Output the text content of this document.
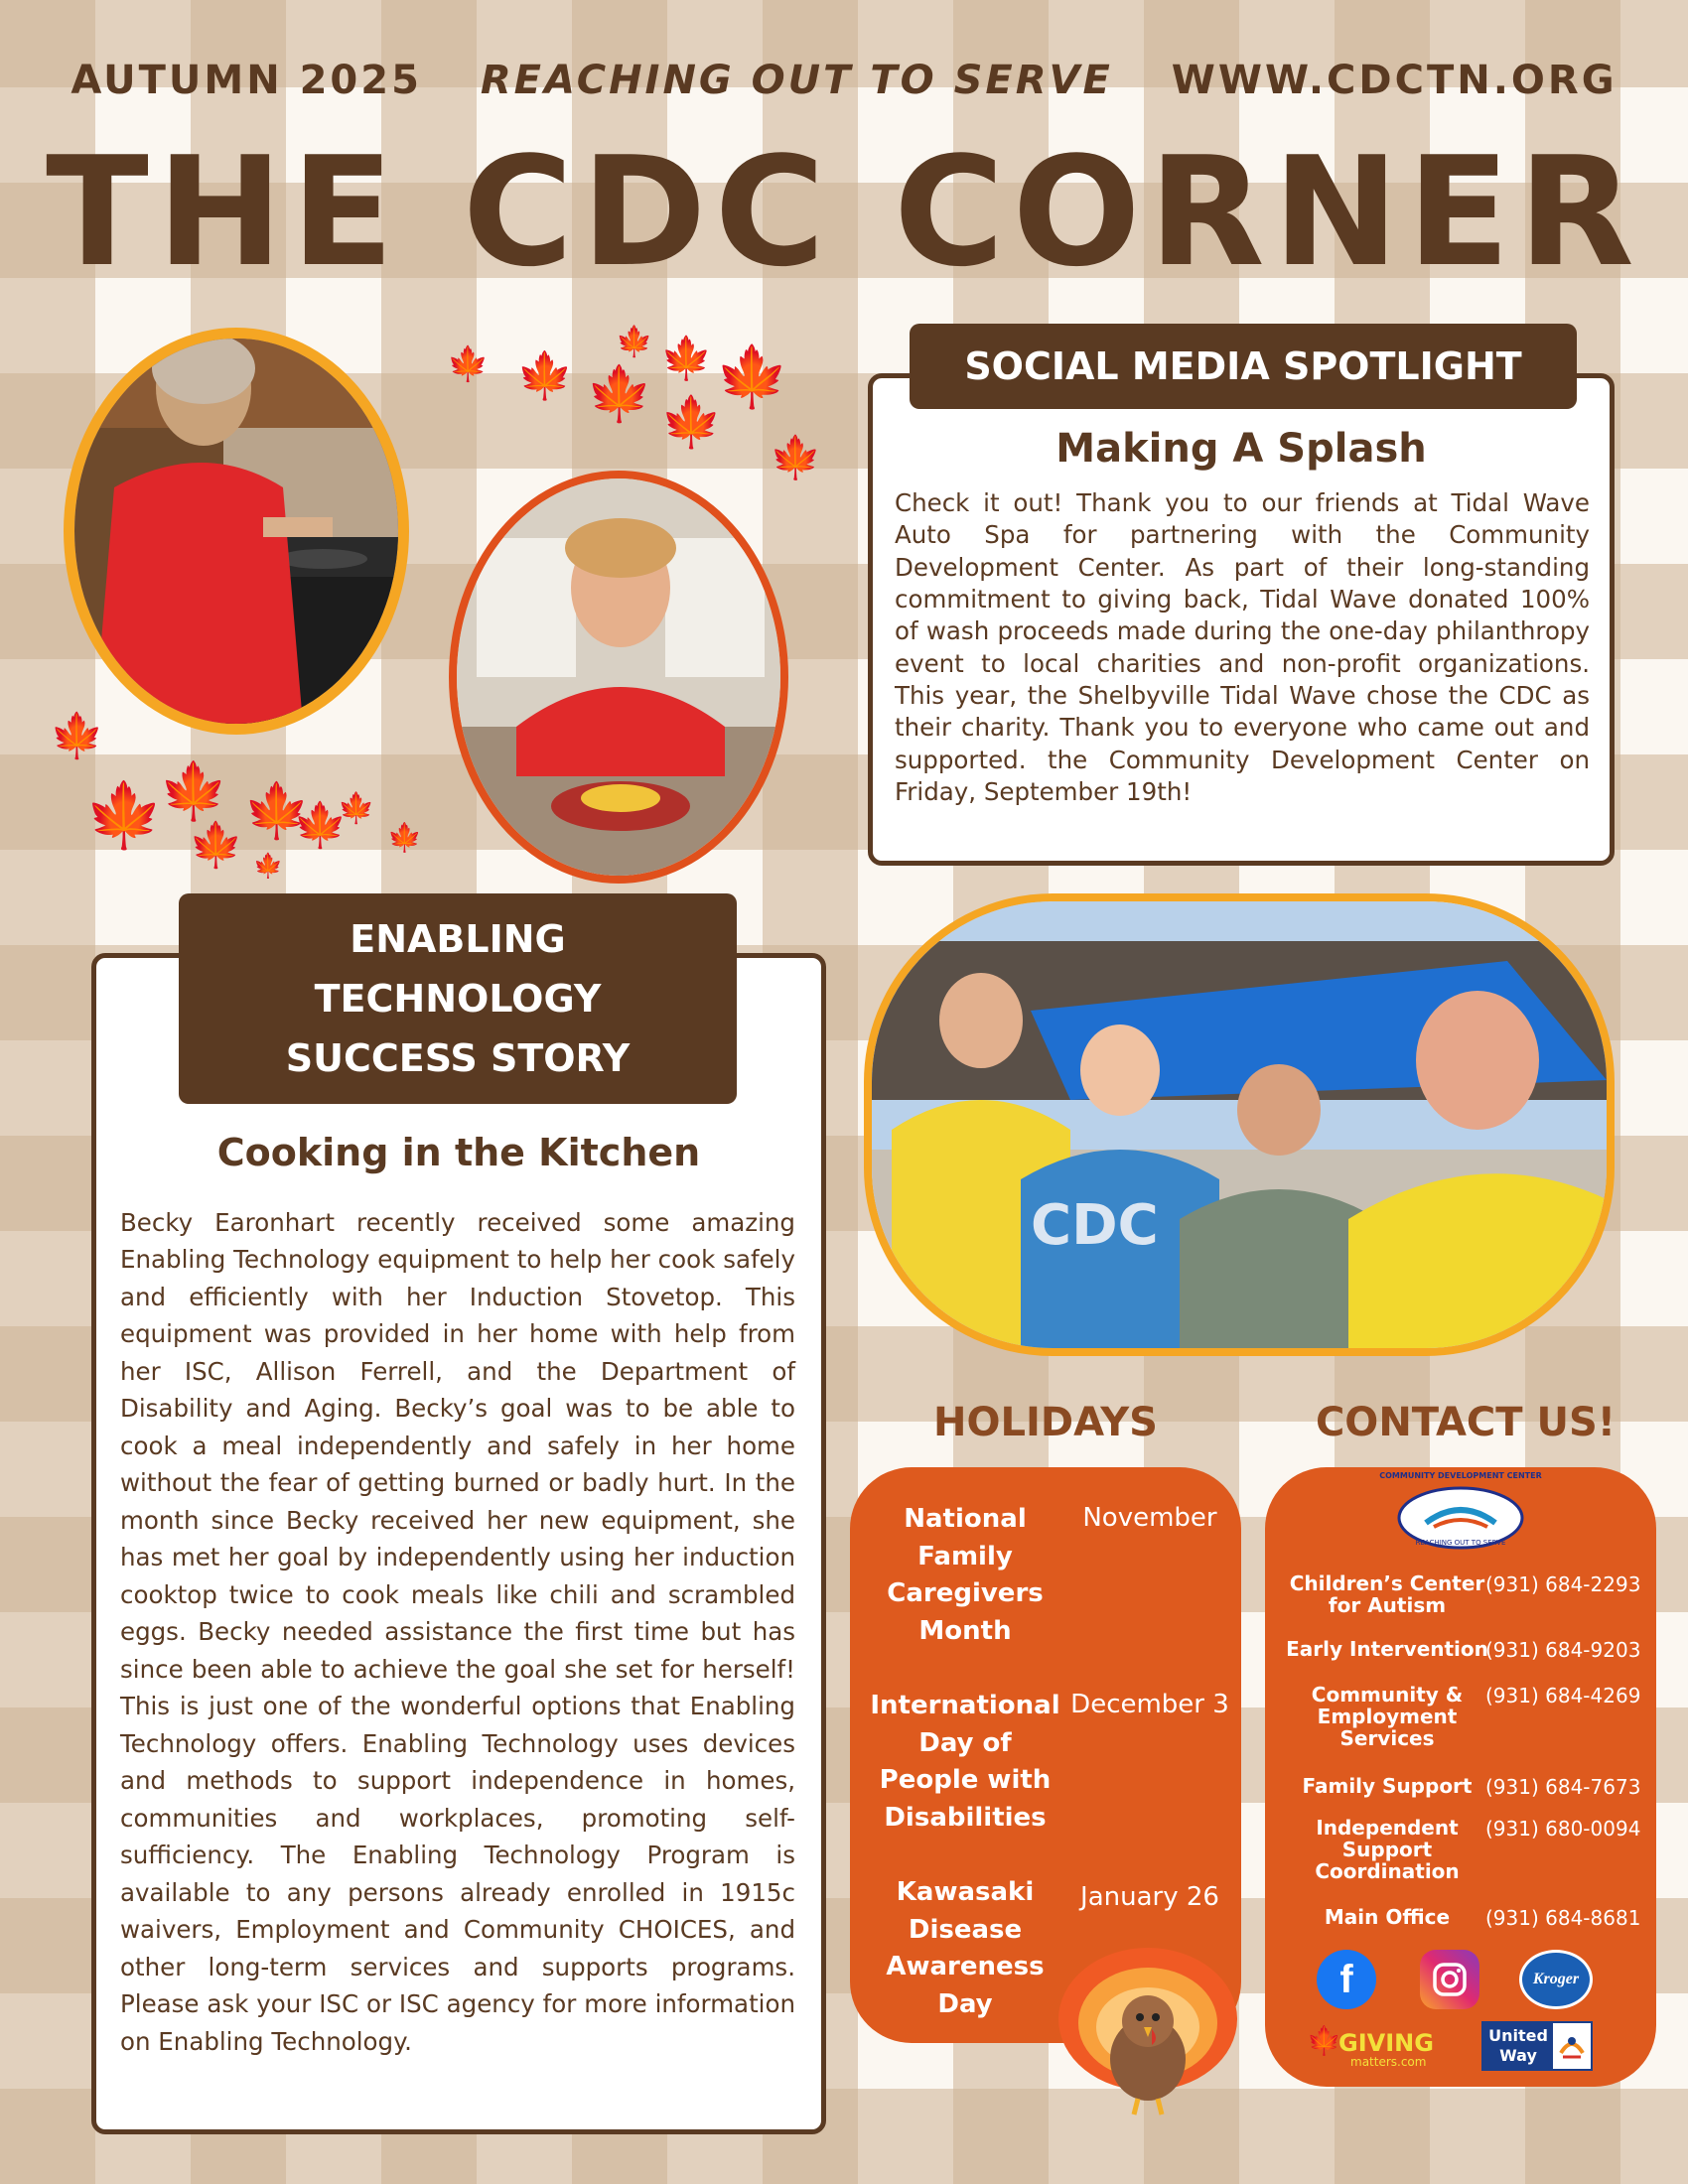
AUTUMN 2025 REACHING OUT TO SERVE WWW.CDCTN.ORG
THE CDC CORNER
🍁 🍁 🍁
🍁 🍁
🍁
🍁
🍁
🍁
🍁
🍁
🍁
🍁
🍁
🍁
🍁
🍁
Making A Splash
Check it out! Thank you to our friends at Tidal Wave Auto Spa for partnering with the Community Development Center. As part of their long-standing commitment to giving back, Tidal Wave donated 100% of wash proceeds made during the one-day philanthropy event to local charities and non-profit organizations. This year, the Shelbyville Tidal Wave chose the CDC as their charity. Thank you to everyone who came out and supported. the Community Development Center on Friday, September 19th!
SOCIAL MEDIA SPOTLIGHT
CDC
Cooking in the Kitchen
Becky Earonhart recently received some amazing Enabling Technology equipment to help her cook safely and efficiently with her Induction Stovetop. This equipment was provided in her home with help from her ISC, Allison Ferrell, and the Department of Disability and Aging. Becky’s goal was to be able to cook a meal independently and safely in her home without the fear of getting burned or badly hurt. In the month since Becky received her new equipment, she has met her goal by independently using her induction cooktop twice to cook meals like chili and scrambled eggs. Becky needed assistance the first time but has since been able to achieve the goal she set for herself! This is just one of the wonderful options that Enabling Technology offers. Enabling Technology uses devices and methods to support independence in homes, communities and workplaces, promoting self-sufficiency. The Enabling Technology Program is available to any persons already enrolled in 1915c waivers, Employment and Community CHOICES, and other long-term services and supports programs. Please ask your ISC or ISC agency for more information on Enabling Technology.
ENABLING
TECHNOLOGY
SUCCESS STORY
HOLIDAYS
National Family Caregivers Month
November
International Day of People with Disabilities
December 3
Kawasaki Disease Awareness Day
January 26
CONTACT US!
COMMUNITY DEVELOPMENT CENTER
REACHING OUT TO SERVE
Children’s Center for Autism
(931) 684-2293
Early Intervention
(931) 684-9203
Community & Employment Services
(931) 684-4269
Family Support (931) 684-7673
Independent Support Coordination
(931) 680-0094
Main Office	(931) 684-8681
f	Kroger
🍁
GIVING
matters.com
United
Way
